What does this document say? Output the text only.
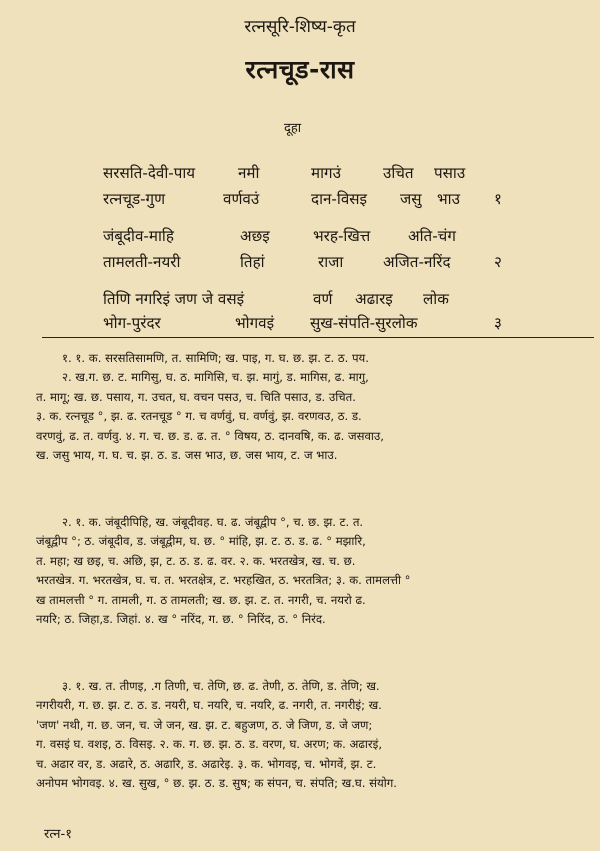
रत्नसूरि-शिष्य-कृत
रत्नचूड-रास
दूहा
सरसति-देवी-पाय	नमी	मागउं	उचित पसाउ
रत्नचूड-गुण	वर्णवउं	दान-विसइ जसु भाउ १
जंबूदीव-माहि	अछइ	भरह-खित्त अति-चंग
तामलती-नयरी	तिहां	राजा	अजित-नरिंद	२
तिणि नगरिइं जण जे वसइं	वर्ण अढारइ लोक
भोग-पुरंदर	भोगवइं सुख-संपति-सुरलोक	३

१. १. क. सरसतिसामणि, त. सामिणि; ख. पाइ, ग. घ. छ. झ. ट. ठ. पय.

२. ख.ग. छ. ट. मागिसु, घ. ठ. मागिसि, च. झ. मागुं, ड. मागिस, ढ. मागु,

त. मागू; ख. छ. पसाय, ग. उचत, घ. वचन पसउ, च. चिति पसाउ, ड. उचित.

३. क. रत्नचूड °, झ. ढ. रतनचूड ° ग. च वर्णवुं, घ. वर्णवुं, झ. वरणवउ, ठ. ड.

वरणवुं, ढ. त. वर्णवु. ४. ग. च. छ. ड. ढ. त. ° विषय, ठ. दानवषि, क. ढ. जसवाउ,

ख. जसु भाय, ग. घ. च. झ. ठ. ड. जस भाउ, छ. जस भाय, ट. ज भाउ.

२. १. क. जंबूदीपिहि, ख. जंबूदीवह. घ. ढ. जंबूद्वीप °, च. छ. झ. ट. त.

जंबूद्वीप °; ठ. जंबूदीव, ड. जंबूद्वीम, घ. छ. ° मांहि, झ. ट. ठ. ड. ढ. ° मझारि,

त. महा; ख छइ, च. अछि, झ, ट. ठ. ड. ढ. वर. २. क. भरतखेत्र, ख. च. छ.

भरतखेत्र. ग. भरतखेत्र, घ. च. त. भरतक्षेत्र, ट. भरहखित, ठ. भरतत्रित; ३. क. तामलत्ती °

ख तामलत्ती ° ग. तामली, ग. ठ तामलती; ख. छ. झ. ट. त. नगरी, च. नयरो ढ.

नयरि; ठ. जिहा,ड. जिहां. ४. ख ° नरिंद, ग. छ. ° निरिंद, ठ. ° निरंद.

३. १. ख. त. तीणइ, .ग तिणी, च. तेणि, छ. ढ. तेणी, ठ. तेणि, ड. तेणि; ख.

नगरीयरी, ग. छ. झ. ट. ठ. ड. नयरी, घ. नयरि, च. नयरि, ढ. नगरी, त. नगरीइं; ख.

'जण' नथी, ग. छ. जन, च. जे जन, ख. झ. ट. बहुजण, ठ. जे जिण, ड. जे जण;

ग. वसइं घ. वशइ, ठ. विसइ. २. क. ग. छ. झ. ठ. ड. वरण, घ. अरण; क. अढारइं,

च. अढार वर, ड. अढारे, ठ. अढारि, ड. अढारेइ. ३. क. भोगवइ, च. भोगवें, झ. ट.

अनोपम भोगवइ. ४. ख. सुख, ° छ. झ. ठ. ड. सुष; क संपन, च. संपति; ख.घ. संयोग.

रत्न-१
